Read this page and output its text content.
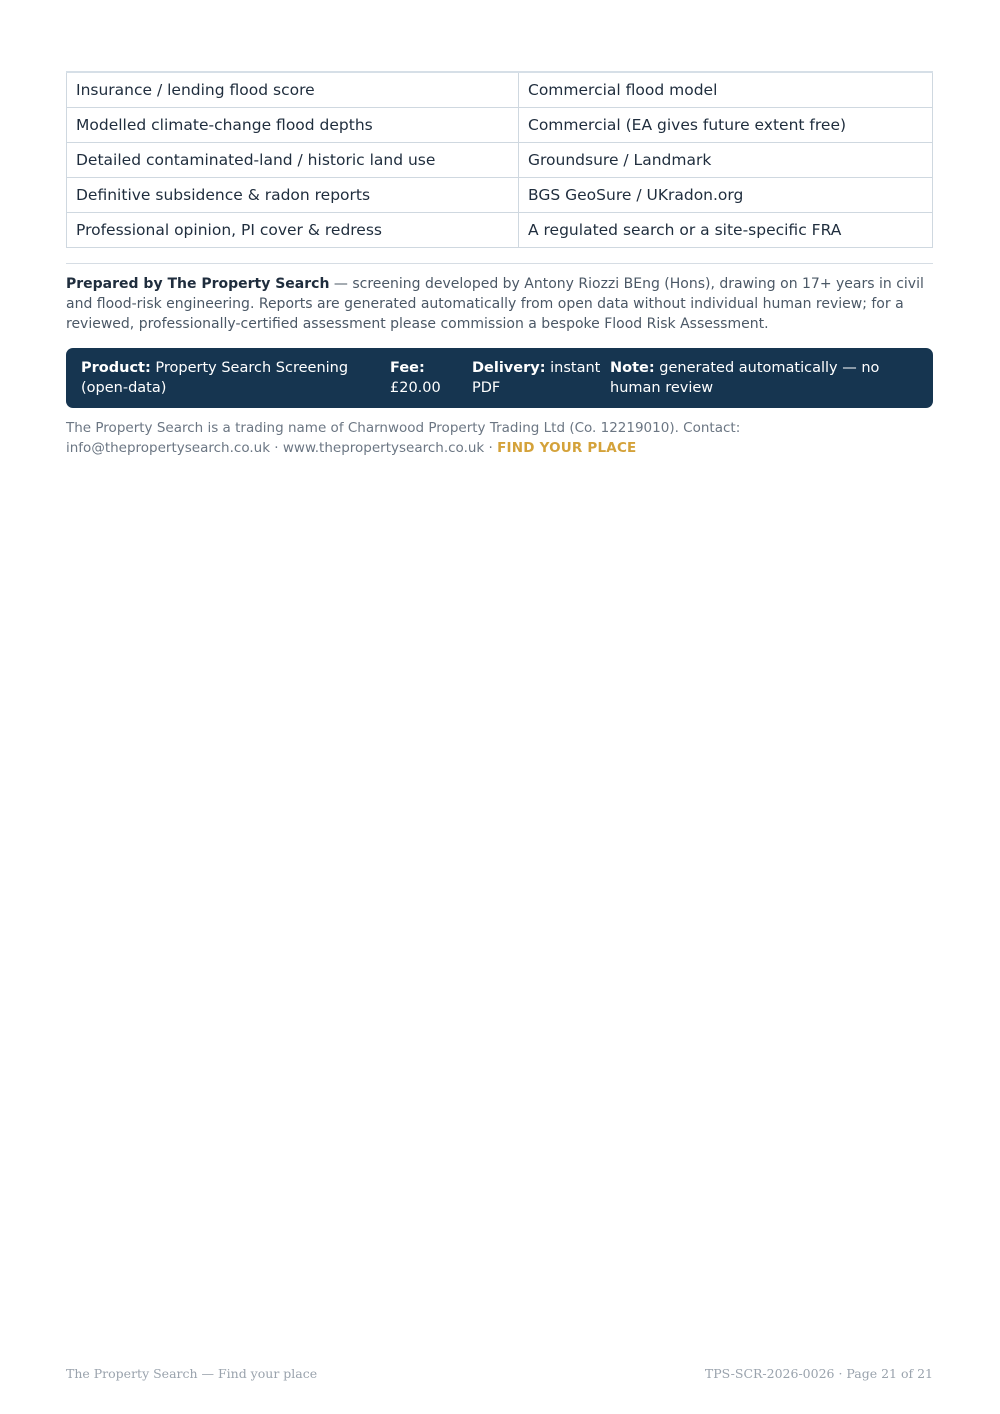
Insurance / lending flood score	Commercial flood model
Modelled climate-change flood depths	Commercial (EA gives future extent free)
Detailed contaminated-land / historic land use	Groundsure / Landmark
Definitive subsidence & radon reports	BGS GeoSure / UKradon.org
Professional opinion, PI cover & redress	A regulated search or a site-specific FRA

Prepared by The Property Search — screening developed by Antony Riozzi BEng (Hons), drawing on 17+ years in civil and flood-risk engineering. Reports are generated automatically from open data without individual human review; for a reviewed, professionally-certified assessment please commission a bespoke Flood Risk Assessment.

Product: Property Search Screening (open-data)
Fee:
£20.00
Delivery: instant PDF
Note: generated automatically — no human review

The Property Search is a trading name of Charnwood Property Trading Ltd (Co. 12219010). Contact: info@thepropertysearch.co.uk · www.thepropertysearch.co.uk · FIND YOUR PLACE

The Property Search — Find your place	TPS-SCR-2026-0026 · Page 21 of 21
